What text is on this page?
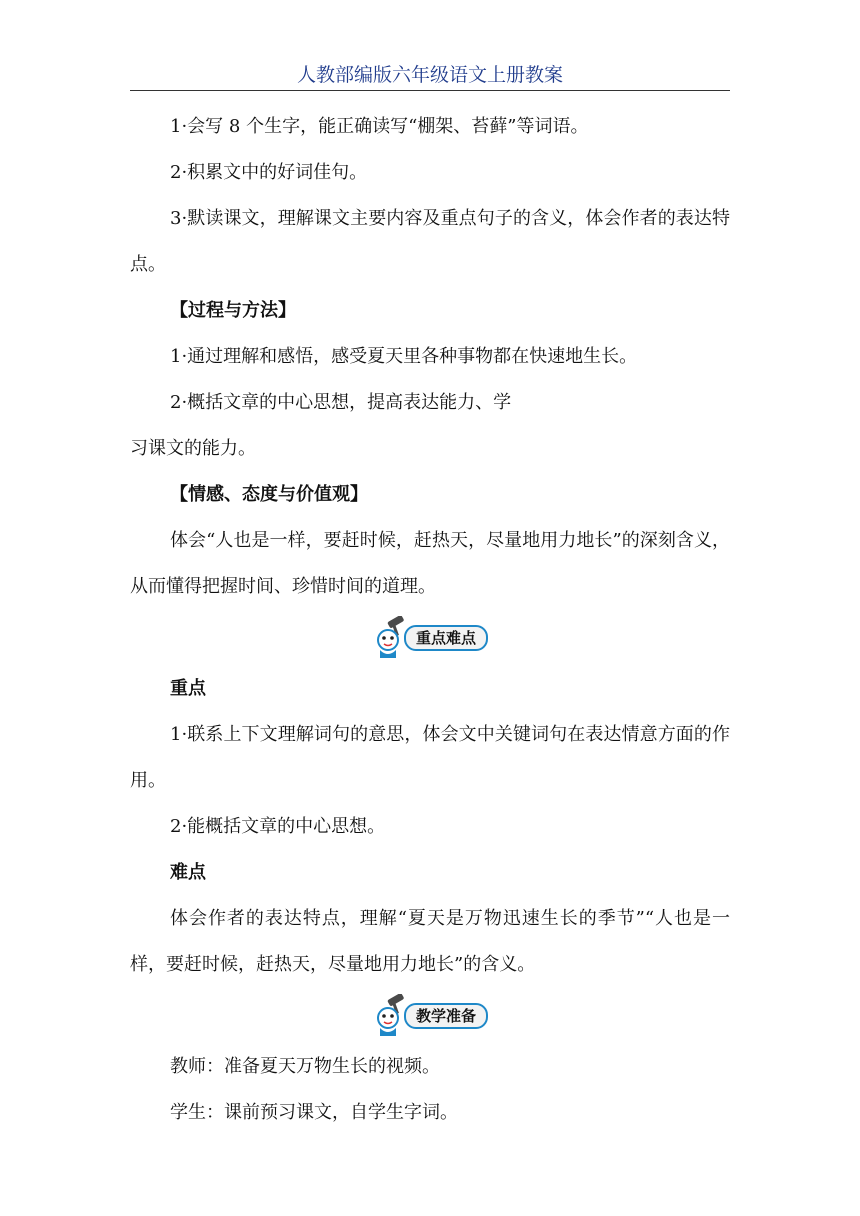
人教部编版六年级语文上册教案

1·会写 8 个生字，能正确读写“棚架、苔藓”等词语。

2·积累文中的好词佳句。

3·默读课文，理解课文主要内容及重点句子的含义，体会作者的表达特点。

【过程与方法】

1·通过理解和感悟，感受夏天里各种事物都在快速地生长。

2·概括文章的中心思想，提高表达能力、学

习课文的能力。

【情感、态度与价值观】

体会“人也是一样，要赶时候，赶热天，尽量地用力地长”的深刻含义，从而懂得把握时间、珍惜时间的道理。

重点难点

重点

1·联系上下文理解词句的意思，体会文中关键词句在表达情意方面的作用。

2·能概括文章的中心思想。

难点

体会作者的表达特点，理解“夏天是万物迅速生长的季节”“人也是一样，要赶时候，赶热天，尽量地用力地长”的含义。

教学准备

教师：准备夏天万物生长的视频。

学生：课前预习课文，自学生字词。
